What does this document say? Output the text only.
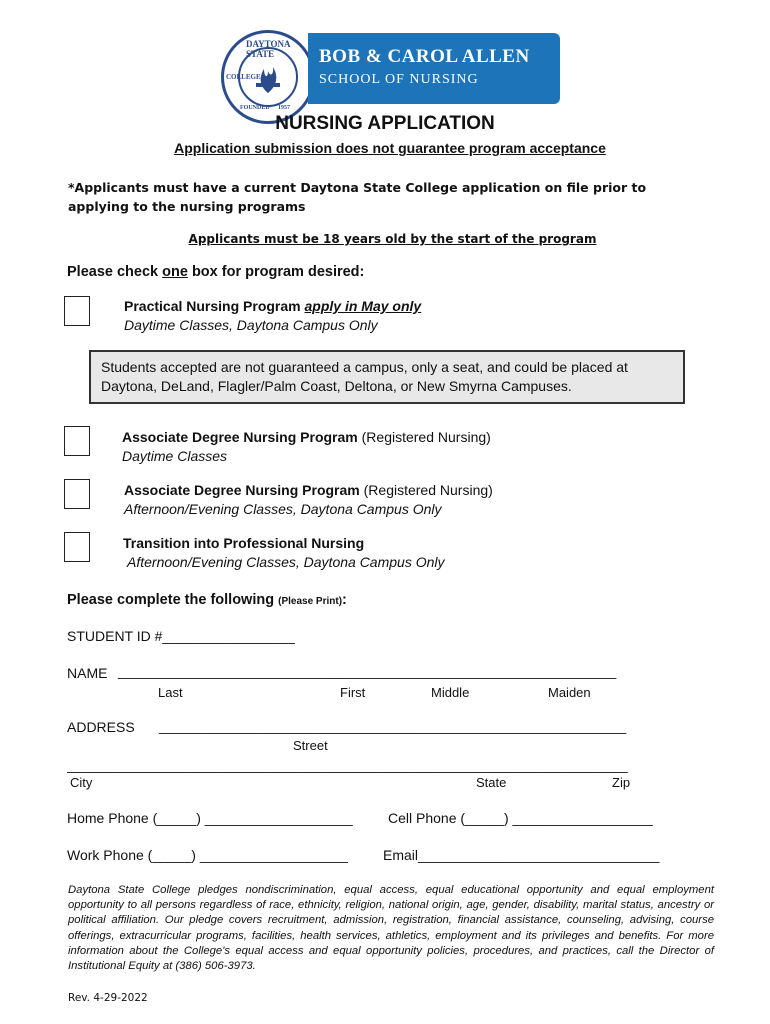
DAYTONA STATE
COLLEGE
FOUNDED 1957
BOB & CAROL ALLEN
SCHOOL OF NURSING
NURSING APPLICATION
Application submission does not guarantee program acceptance
*Applicants must have a current Daytona State College application on file prior to applying to the nursing programs
Applicants must be 18 years old by the start of the program
Please check one box for program desired:
Practical Nursing Program apply in May only
Daytime Classes, Daytona Campus Only
Students accepted are not guaranteed a campus, only a seat, and could be placed at Daytona, DeLand, Flagler/Palm Coast, Deltona, or New Smyrna Campuses.
Associate Degree Nursing Program (Registered Nursing)
Daytime Classes
Associate Degree Nursing Program (Registered Nursing)
Afternoon/Evening Classes, Daytona Campus Only
Transition into Professional Nursing
Afternoon/Evening Classes, Daytona Campus Only
Please complete the following (Please Print):
STUDENT ID #_________________
NAME ________________________________________________________________
Last	First	Middle	Maiden
ADDRESS ____________________________________________________________
Street
________________________________________________________________________
City	State	Zip
Home Phone (_____) ___________________	Cell Phone (_____) __________________
Work Phone (_____) ___________________	Email_______________________________
Daytona State College pledges nondiscrimination, equal access, equal educational opportunity and equal employment opportunity to all persons regardless of race, ethnicity, religion, national origin, age, gender, disability, marital status, ancestry or political affiliation. Our pledge covers recruitment, admission, registration, financial assistance, counseling, advising, course offerings, extracurricular programs, facilities, health services, athletics, employment and its privileges and benefits. For more information about the College's equal access and equal opportunity policies, procedures, and practices, call the Director of Institutional Equity at (386) 506-3973.
Rev. 4-29-2022
